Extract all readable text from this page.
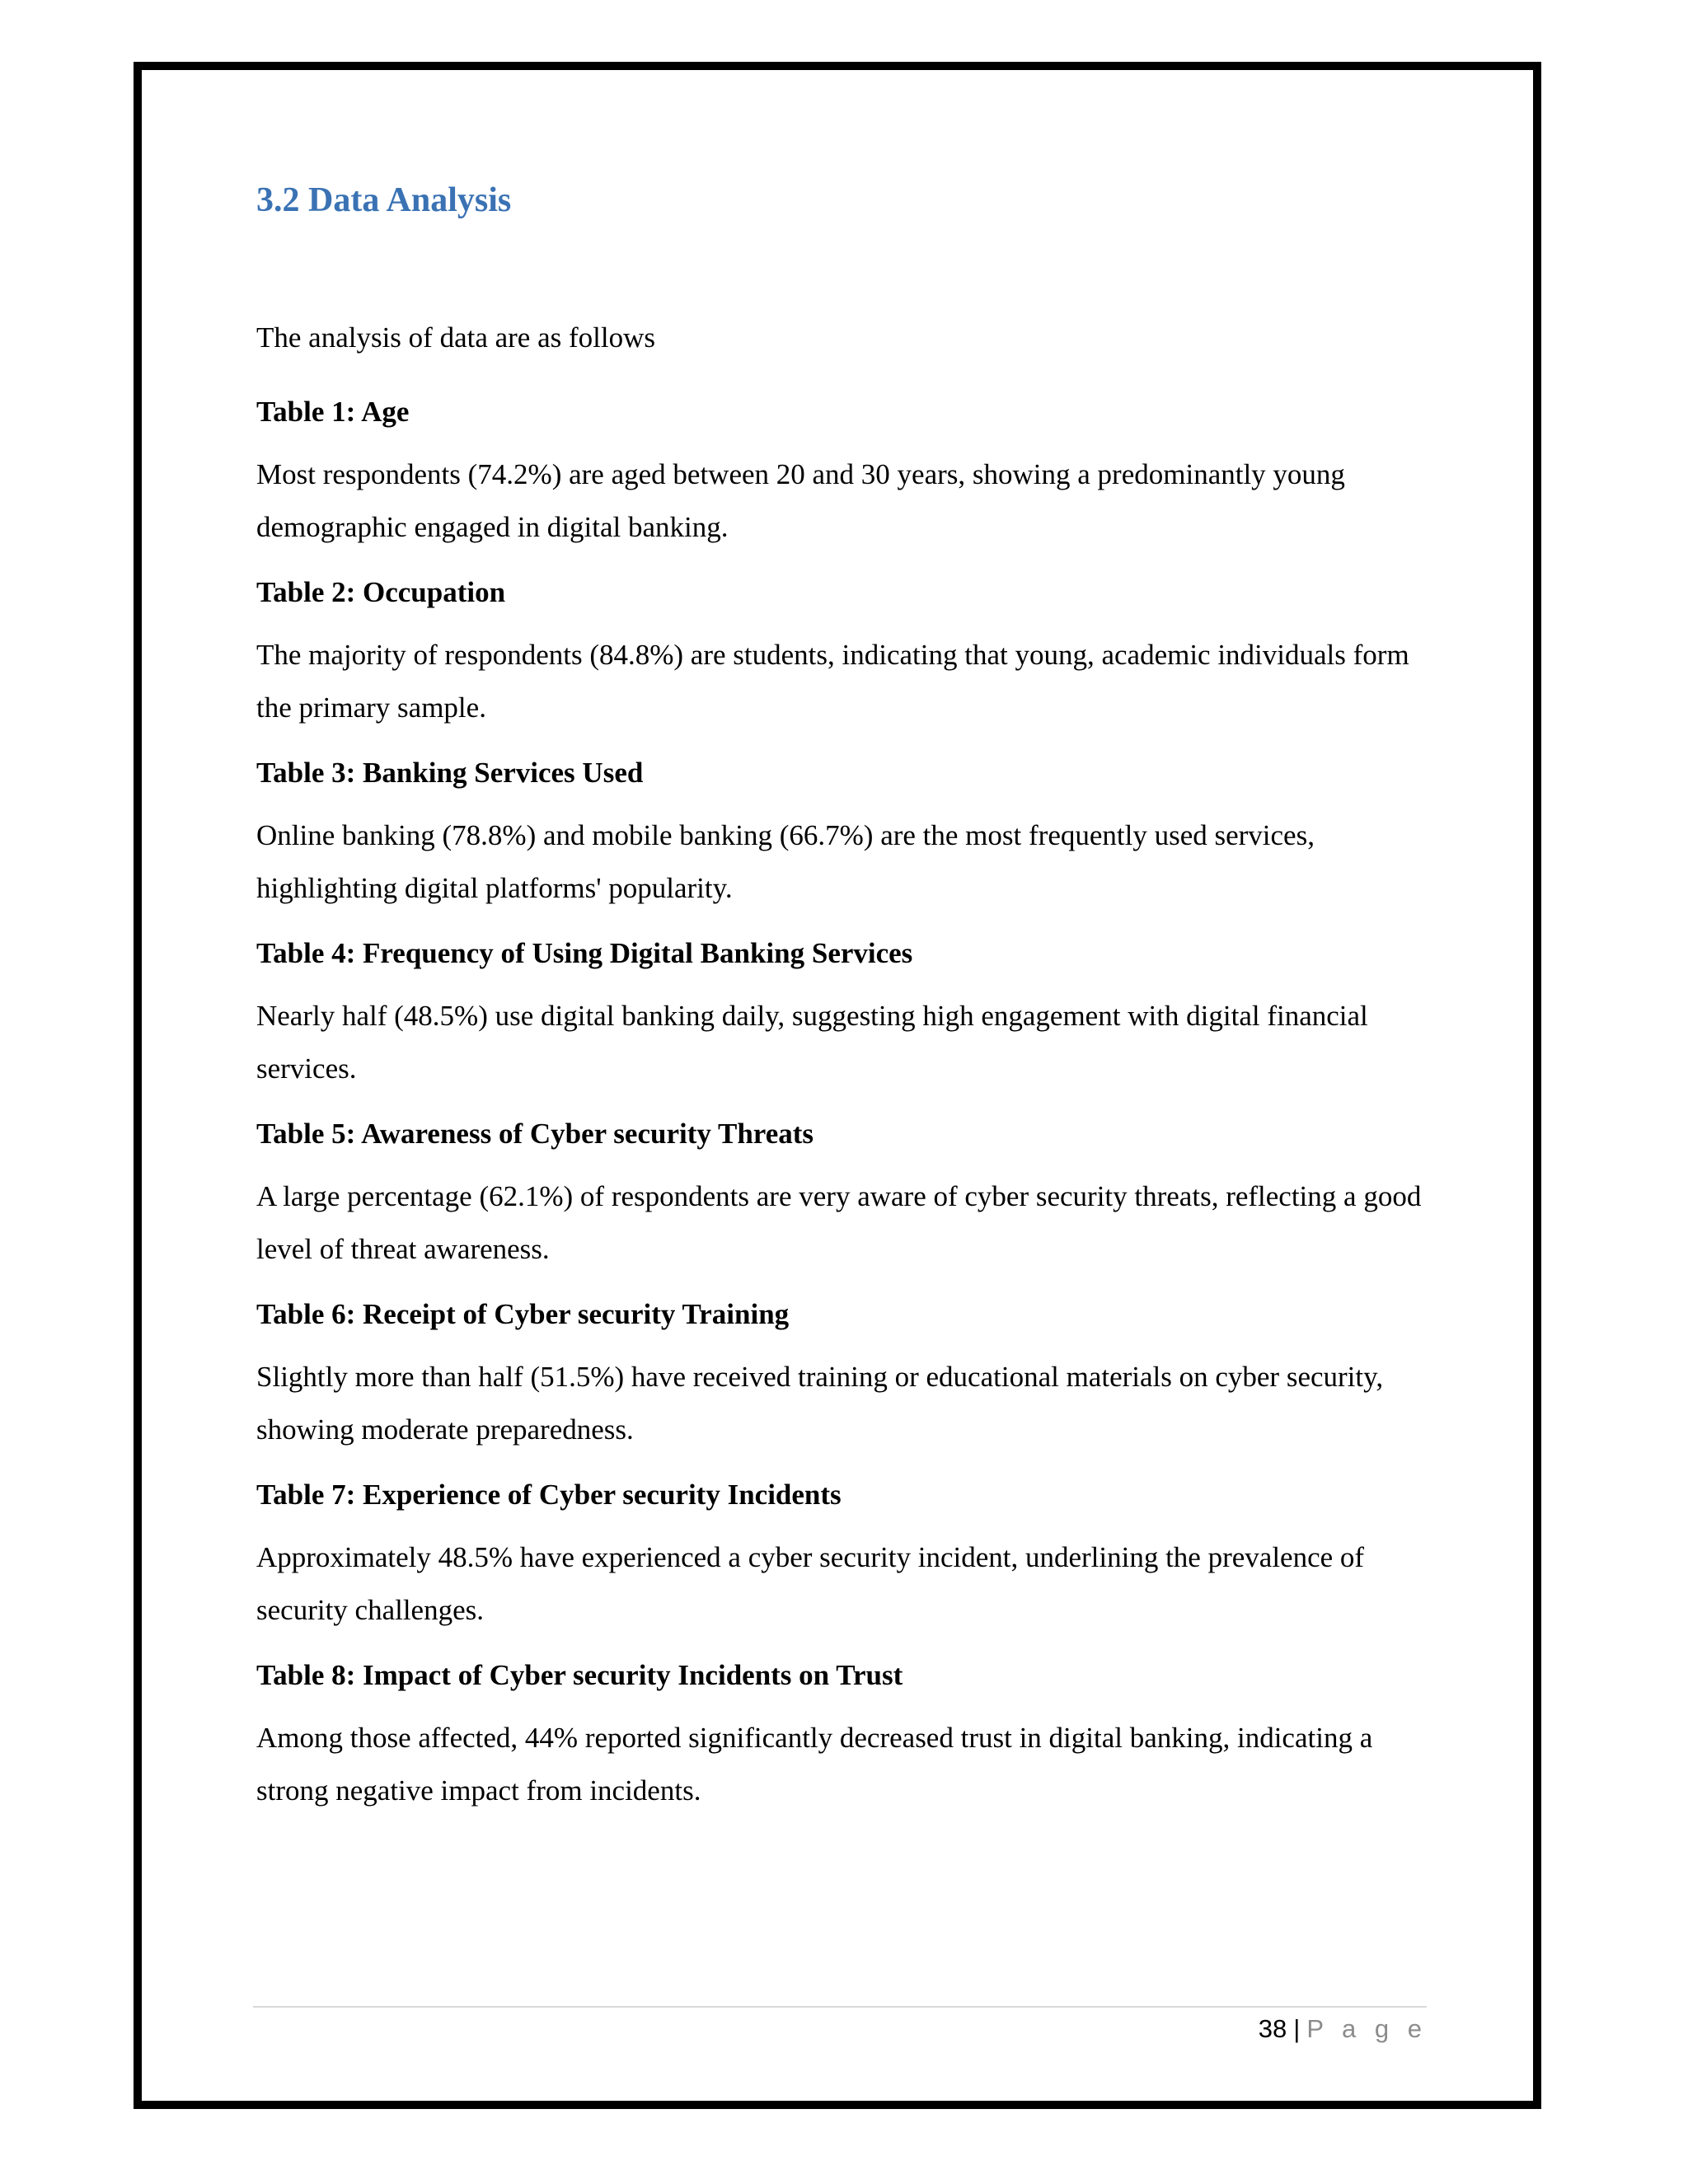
3.2 Data Analysis

The analysis of data are as follows

Table 1: Age

Most respondents (74.2%) are aged between 20 and 30 years, showing a predominantly young demographic engaged in digital banking.

Table 2: Occupation

The majority of respondents (84.8%) are students, indicating that young, academic individuals form the primary sample.

Table 3: Banking Services Used

Online banking (78.8%) and mobile banking (66.7%) are the most frequently used services, highlighting digital platforms' popularity.

Table 4: Frequency of Using Digital Banking Services

Nearly half (48.5%) use digital banking daily, suggesting high engagement with digital financial services.

Table 5: Awareness of Cyber security Threats

A large percentage (62.1%) of respondents are very aware of cyber security threats, reflecting a good level of threat awareness.

Table 6: Receipt of Cyber security Training

Slightly more than half (51.5%) have received training or educational materials on cyber security, showing moderate preparedness.

Table 7: Experience of Cyber security Incidents

Approximately 48.5% have experienced a cyber security incident, underlining the prevalence of security challenges.

Table 8: Impact of Cyber security Incidents on Trust

Among those affected, 44% reported significantly decreased trust in digital banking, indicating a strong negative impact from incidents.

38 | P a g e
